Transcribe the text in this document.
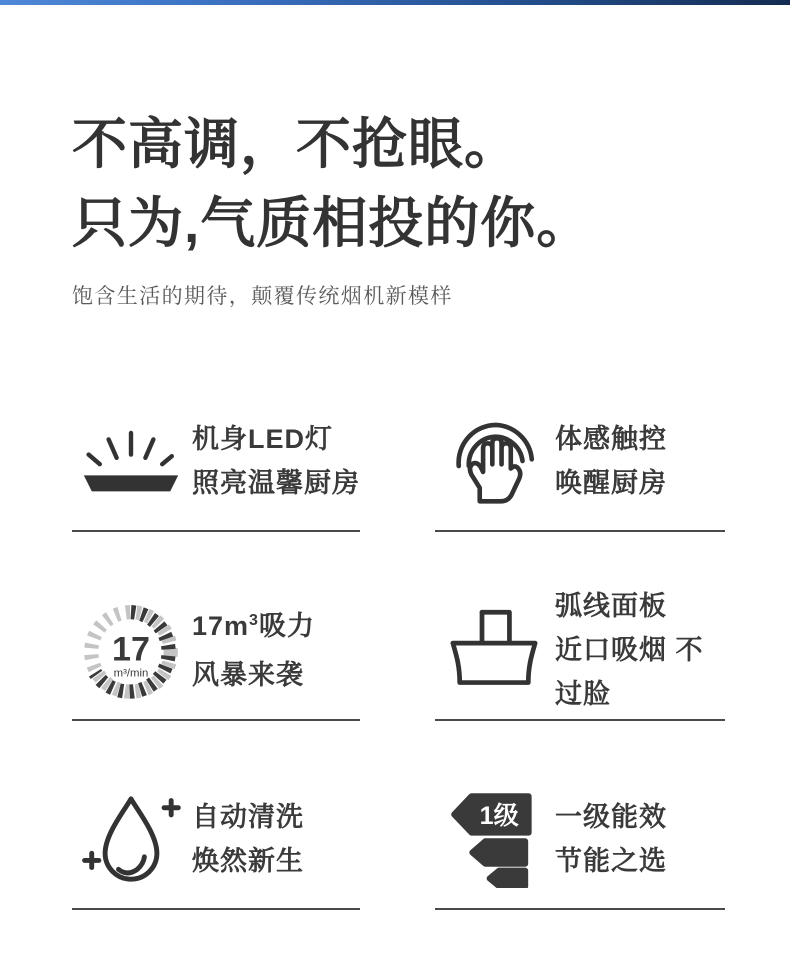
不高调，不抢眼。
只为,气质相投的你。
饱含生活的期待，颠覆传统烟机新模样
机身LED灯
照亮温馨厨房
体感触控
唤醒厨房
17
m³/min
$17m^3$吸力
风暴来袭
弧线面板
近口吸烟 不过脸
自动清洗
焕然新生
1级 一级能效
节能之选
